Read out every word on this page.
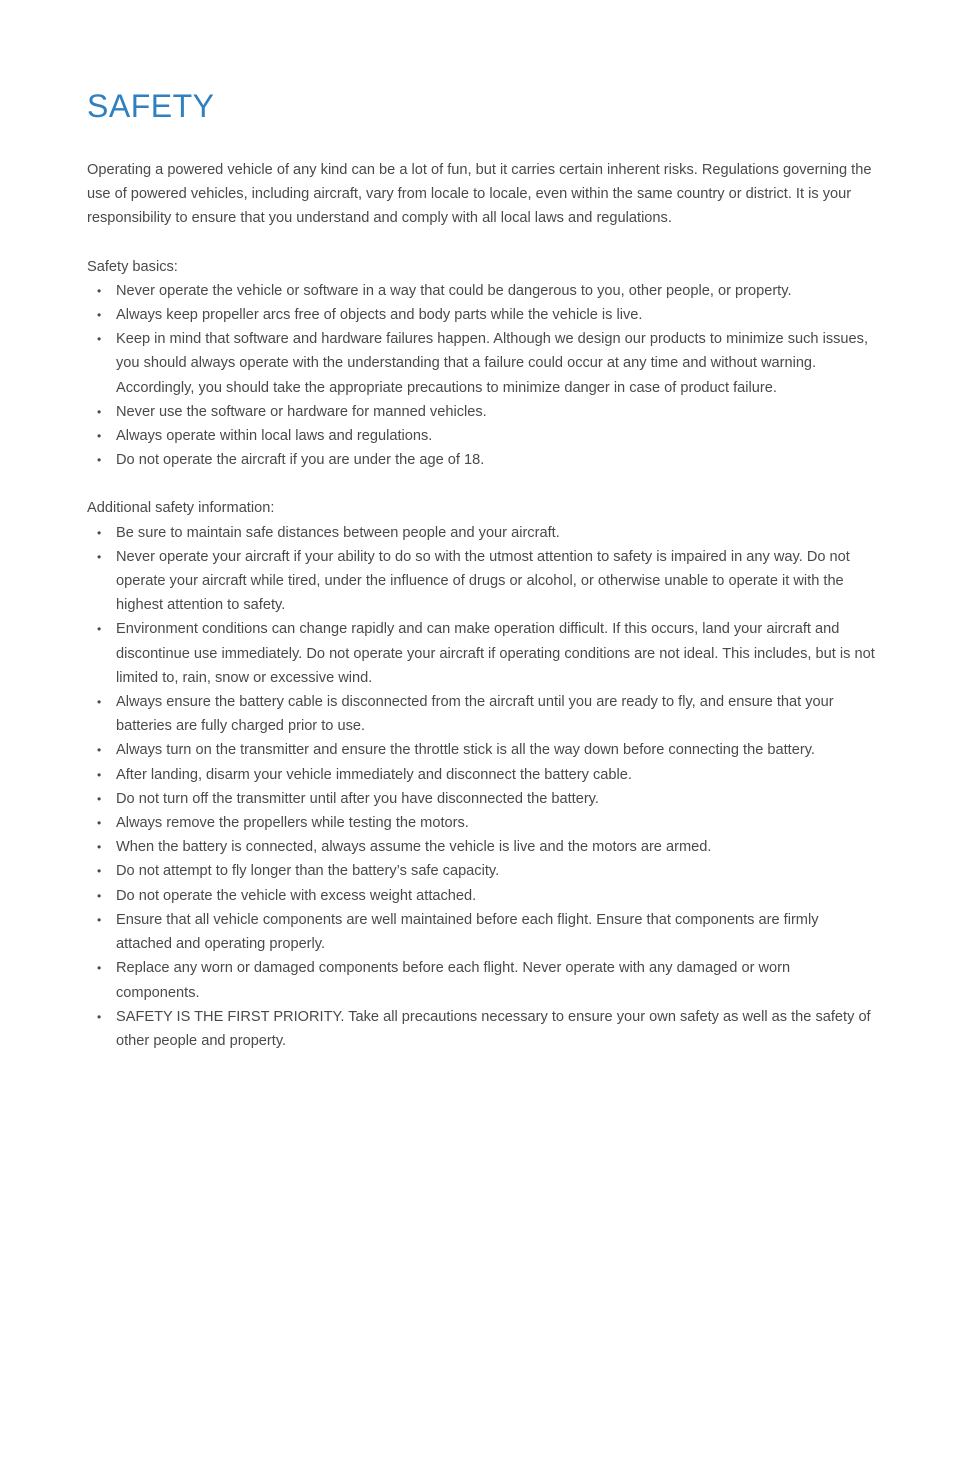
SAFETY

Operating a powered vehicle of any kind can be a lot of fun, but it carries certain inherent risks. Regulations governing the use of powered vehicles, including aircraft, vary from locale to locale, even within the same country or district. It is your responsibility to ensure that you understand and comply with all local laws and regulations.

Safety basics:

• Never operate the vehicle or software in a way that could be dangerous to you, other people, or property.
• Always keep propeller arcs free of objects and body parts while the vehicle is live.
• Keep in mind that software and hardware failures happen. Although we design our products to minimize such issues, you should always operate with the understanding that a failure could occur at any time and without warning. Accordingly, you should take the appropriate precautions to minimize danger in case of product failure.
• Never use the software or hardware for manned vehicles.
• Always operate within local laws and regulations.
• Do not operate the aircraft if you are under the age of 18.

Additional safety information:

• Be sure to maintain safe distances between people and your aircraft.
• Never operate your aircraft if your ability to do so with the utmost attention to safety is impaired in any way. Do not operate your aircraft while tired, under the influence of drugs or alcohol, or otherwise unable to operate it with the highest attention to safety.
• Environment conditions can change rapidly and can make operation difficult. If this occurs, land your aircraft and discontinue use immediately. Do not operate your aircraft if operating conditions are not ideal. This includes, but is not limited to, rain, snow or excessive wind.
• Always ensure the battery cable is disconnected from the aircraft until you are ready to fly, and ensure that your batteries are fully charged prior to use.
• Always turn on the transmitter and ensure the throttle stick is all the way down before connecting the battery.
• After landing, disarm your vehicle immediately and disconnect the battery cable.
• Do not turn off the transmitter until after you have disconnected the battery.
• Always remove the propellers while testing the motors.
• When the battery is connected, always assume the vehicle is live and the motors are armed.
• Do not attempt to fly longer than the battery’s safe capacity.
• Do not operate the vehicle with excess weight attached.
• Ensure that all vehicle components are well maintained before each flight. Ensure that components are firmly attached and operating properly.
• Replace any worn or damaged components before each flight. Never operate with any damaged or worn components.
• SAFETY IS THE FIRST PRIORITY. Take all precautions necessary to ensure your own safety as well as the safety of other people and property.
